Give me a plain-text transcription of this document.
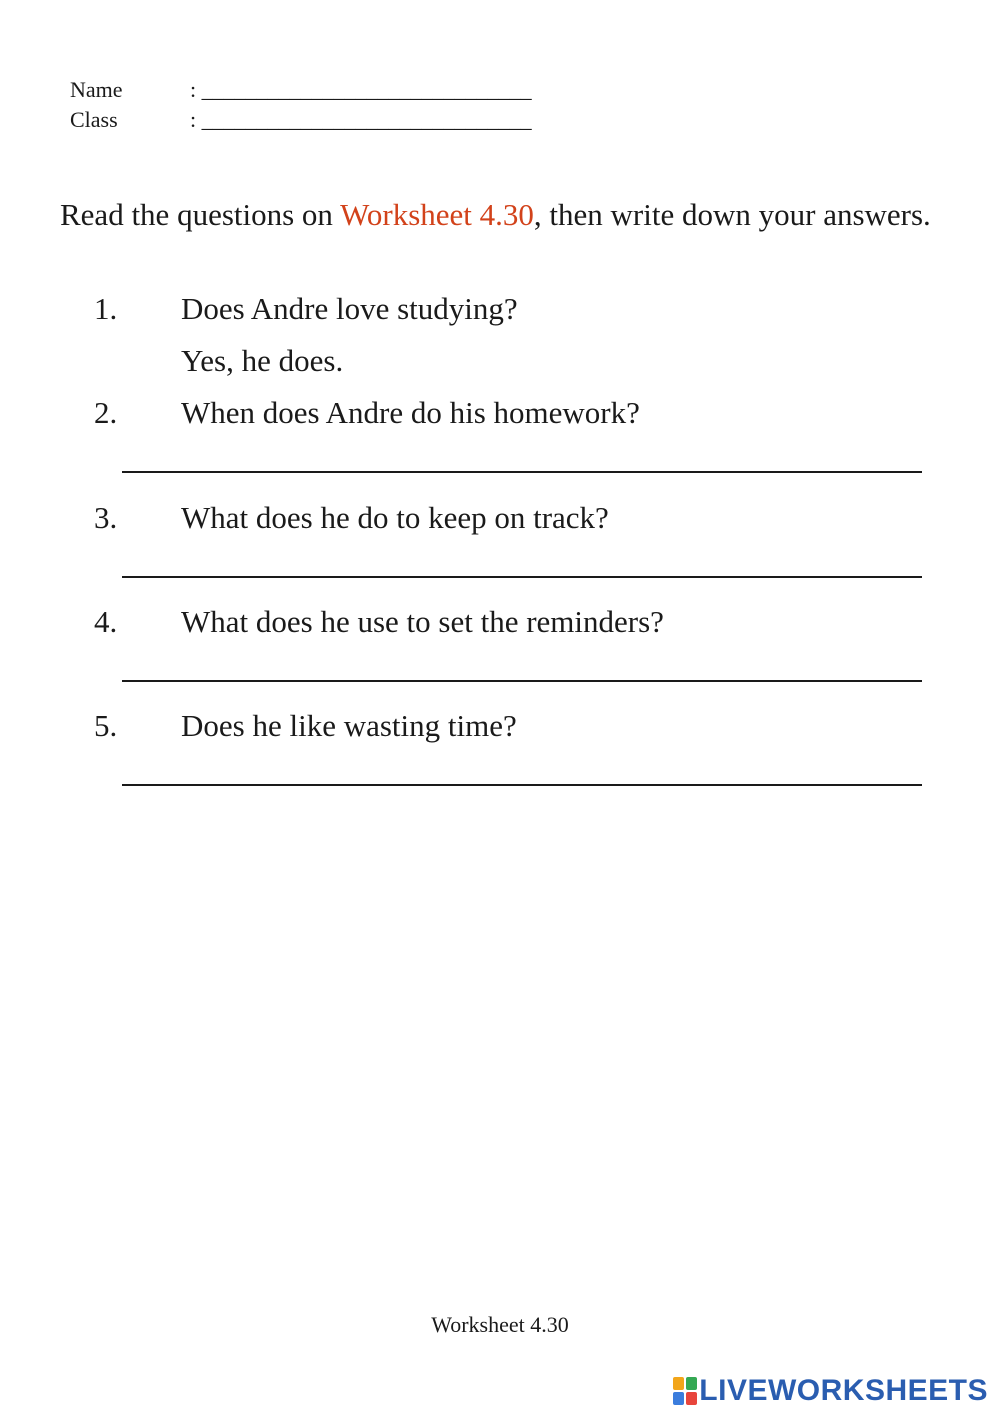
Name	: ______________________________
Class	: ______________________________
Read the questions on Worksheet 4.30, then write down your answers.
1.	Does Andre love studying?
Yes, he does.
2.	When does Andre do his homework?
3.	What does he do to keep on track?
4.	What does he use to set the reminders?
5.	Does he like wasting time?
Worksheet 4.30
LIVEWORKSHEETS
